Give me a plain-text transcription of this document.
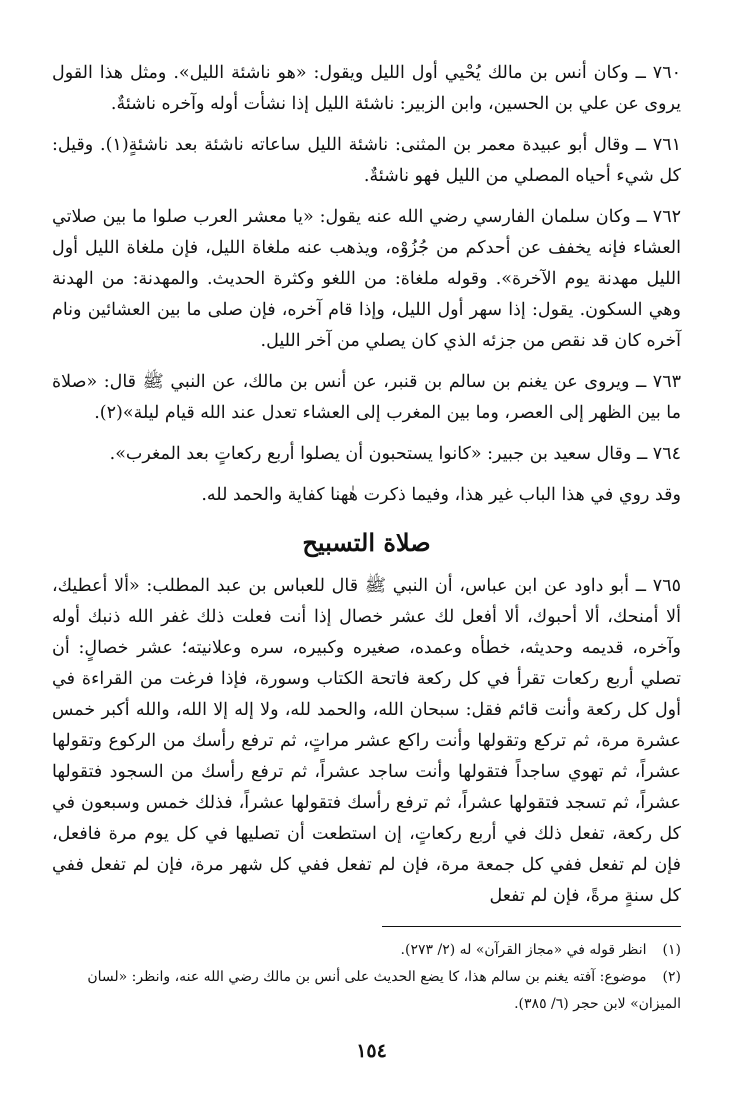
٧٦٠ ــ وكان أنس بن مالك يُحْيي أول الليل ويقول: «هو ناشئة الليل». ومثل هذا القول يروى عن علي بن الحسين، وابن الزبير: ناشئة الليل إذا نشأت أوله وآخره ناشئةٌ.

٧٦١ ــ وقال أبو عبيدة معمر بن المثنى: ناشئة الليل ساعاته ناشئة بعد ناشئةٍ(١). وقيل: كل شيء أحياه المصلي من الليل فهو ناشئةٌ.

٧٦٢ ــ وكان سلمان الفارسي رضي الله عنه يقول: «يا معشر العرب صلوا ما بين صلاتي العشاء فإنه يخفف عن أحدكم من جُزُوْه، ويذهب عنه ملغاة الليل، فإن ملغاة الليل أول الليل مهدنة يوم الآخرة». وقوله ملغاة: من اللغو وكثرة الحديث. والمهدنة: من الهدنة وهي السكون. يقول: إذا سهر أول الليل، وإذا قام آخره، فإن صلى ما بين العشائين ونام آخره كان قد نقص من جزئه الذي كان يصلي من آخر الليل.

٧٦٣ ــ ويروى عن يغنم بن سالم بن قنبر، عن أنس بن مالك، عن النبي ﷺ قال: «صلاة ما بين الظهر إلى العصر، وما بين المغرب إلى العشاء تعدل عند الله قيام ليلة»(٢).

٧٦٤ ــ وقال سعيد بن جبير: «كانوا يستحبون أن يصلوا أربع ركعاتٍ بعد المغرب».

وقد روي في هذا الباب غير هذا، وفيما ذكرت هٰهنا كفاية والحمد لله.

صلاة التسبيح

٧٦٥ ــ أبو داود عن ابن عباس، أن النبي ﷺ قال للعباس بن عبد المطلب: «ألا أعطيك، ألا أمنحك، ألا أحبوك، ألا أفعل لك عشر خصال إذا أنت فعلت ذلك غفر الله ذنبك أوله وآخره، قديمه وحديثه، خطأه وعمده، صغيره وكبيره، سره وعلانيته؛ عشر خصالٍ: أن تصلي أربع ركعات تقرأ في كل ركعة فاتحة الكتاب وسورة، فإذا فرغت من القراءة في أول كل ركعة وأنت قائم فقل: سبحان الله، والحمد لله، ولا إله إلا الله، والله أكبر خمس عشرة مرة، ثم تركع وتقولها وأنت راكع عشر مراتٍ، ثم ترفع رأسك من الركوع وتقولها عشراً، ثم تهوي ساجداً فتقولها وأنت ساجد عشراً، ثم ترفع رأسك من السجود فتقولها عشراً، ثم تسجد فتقولها عشراً، ثم ترفع رأسك فتقولها عشراً، فذلك خمس وسبعون في كل ركعة، تفعل ذلك في أربع ركعاتٍ، إن استطعت أن تصليها في كل يوم مرة فافعل، فإن لم تفعل ففي كل جمعة مرة، فإن لم تفعل ففي كل شهر مرة، فإن لم تفعل ففي كل سنةٍ مرةً، فإن لم تفعل

(١) انظر قوله في «مجاز القرآن» له (٢/ ٢٧٣).

(٢) موضوع: آفته يغنم بن سالم هذا، كا يضع الحديث على أنس بن مالك رضي الله عنه، وانظر: «لسان الميزان» لابن حجر (٦/ ٣٨٥).

١٥٤
